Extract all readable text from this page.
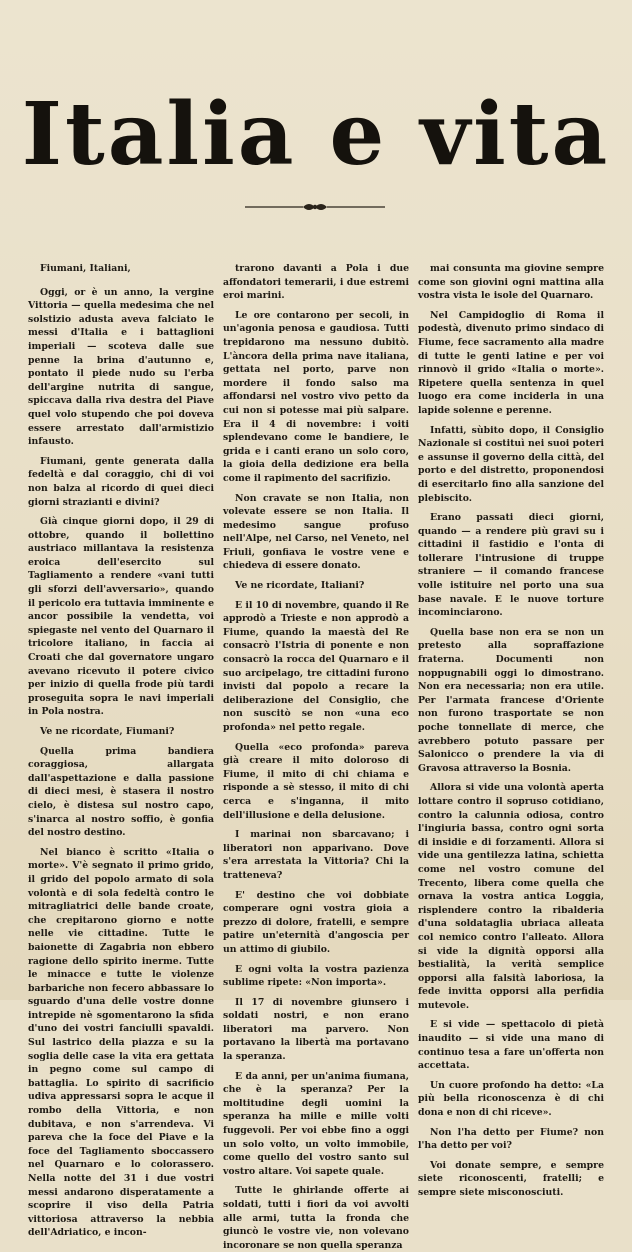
Italia e vita

Fiumani, Italiani,

Oggi, or è un anno, la vergine Vittoria — quella medesima che nel solstizio adusta aveva falciato le messi d'Italia e i battaglioni imperiali — scoteva dalle sue penne la brina d'autunno e, pontato il piede nudo su l'erba dell'argine nutrita di sangue, spiccava dalla riva destra del Piave quel volo stupendo che poi doveva essere arrestato dall'armistizio infausto.

Fiumani, gente generata dalla fedeltà e dal coraggio, chi di voi non balza al ricordo di quei dieci giorni strazianti e divini?

Già cinque giorni dopo, il 29 di ottobre, quando il bollettino austriaco millantava la resistenza eroica dell'esercito sul Tagliamento a rendere «vani tutti gli sforzi dell'avversario», quando il pericolo era tuttavia imminente e ancor possibile la vendetta, voi spiegaste nel vento del Quarnaro il tricolore italiano, in faccia ai Croati che dal governatore ungaro avevano ricevuto il potere civico per inizio di quella frode più tardi proseguita sopra le navi imperiali in Pola nostra.

Ve ne ricordate, Fiumani?

Quella prima bandiera coraggiosa, allargata dall'aspettazione e dalla passione di dieci mesi, è stasera il nostro cielo, è distesa sul nostro capo, s'inarca al nostro soffio, è gonfia del nostro destino.

Nel bianco è scritto «Italia o morte». V'è segnato il primo grido, il grido del popolo armato di sola volontà e di sola fedeltà contro le mitragliatrici delle bande croate, che crepitarono giorno e notte nelle vie cittadine. Tutte le baionette di Zagabria non ebbero ragione dello spirito inerme. Tutte le minacce e tutte le violenze barbariche non fecero abbassare lo sguardo d'una delle vostre donne intrepide nè sgomentarono la sfida d'uno dei vostri fanciulli spavaldi. Sul lastrico della piazza e su la soglia delle case la vita era gettata in pegno come sul campo di battaglia. Lo spirito di sacrificio udiva appressarsi sopra le acque il rombo della Vittoria, e non dubitava, e non s'arrendeva. Vi pareva che la foce del Piave e la foce del Tagliamento sboccassero nel Quarnaro e lo colorassero. Nella notte del 31 i due vostri messi andarono disperatamente a scoprire il viso della Patria vittoriosa attraverso la nebbia dell'Adriatico, e incon-

trarono davanti a Pola i due affondatori temerarii, i due estremi eroi marini.

Le ore contarono per secoli, in un'agonia penosa e gaudiosa. Tutti trepidarono ma nessuno dubitò. L'àncora della prima nave italiana, gettata nel porto, parve non mordere il fondo salso ma affondarsi nel vostro vivo petto da cui non si potesse mai più salpare. Era il 4 di novembre: i voiti splendevano come le bandiere, le grida e i canti erano un solo coro, la gioia della dedizione era bella come il rapimento del sacrifizio.

Non cravate se non Italia, non volevate essere se non Italia. Il medesimo sangue profuso nell'Alpe, nel Carso, nel Veneto, nel Friuli, gonfiava le vostre vene e chiedeva di essere donato.

Ve ne ricordate, Italiani?

E il 10 di novembre, quando il Re approdò a Trieste e non approdò a Fiume, quando la maestà del Re consacrò l'Istria di ponente e non consacrò la rocca del Quarnaro e il suo arcipelago, tre cittadini furono invisti dal popolo a recare la deliberazione del Consiglio, che non suscitò se non «una eco profonda» nel petto regale.

Quella «eco profonda» pareva già creare il mito doloroso di Fiume, il mito di chi chiama e risponde a sè stesso, il mito di chi cerca e s'inganna, il mito dell'illusione e della delusione.

I marinai non sbarcavano; i liberatori non apparivano. Dove s'era arrestata la Vittoria? Chi la tratteneva?

E' destino che voi dobbiate comperare ogni vostra gioia a prezzo di dolore, fratelli, e sempre patire un'eternità d'angoscia per un attimo di giubilo.

E ogni volta la vostra pazienza sublime ripete: «Non importa».

Il 17 di novembre giunsero i soldati nostri, e non erano liberatori ma parvero. Non portavano la libertà ma portavano la speranza.

E da anni, per un'anima fiumana, che è la speranza? Per la moltitudine degli uomini la speranza ha mille e mille volti fuggevoli. Per voi ebbe fino a oggi un solo volto, un volto immobile, come quello del vostro santo sul vostro altare. Voi sapete quale.

Tutte le ghirlande offerte ai soldati, tutti i fiori da voi avvolti alle armi, tutta la fronda che giuncò le vostre vie, non volevano incoronare se non quella speranza

mai consunta ma giovine sempre come son giovini ogni mattina alla vostra vista le isole del Quarnaro.

Nel Campidoglio di Roma il podestà, divenuto primo sindaco di Fiume, fece sacramento alla madre di tutte le genti latine e per voi rinnovò il grido «Italia o morte». Ripetere quella sentenza in quel luogo era come inciderla in una lapide solenne e perenne.

Infatti, sùbito dopo, il Consiglio Nazionale si costituì nei suoi poteri e assunse il governo della città, del porto e del distretto, proponendosi di esercitarlo fino alla sanzione del plebiscito.

Erano passati dieci giorni, quando — a rendere più gravi su i cittadini il fastidio e l'onta di tollerare l'intrusione di truppe straniere — il comando francese volle istituire nel porto una sua base navale. E le nuove torture incominciarono.

Quella base non era se non un pretesto alla sopraffazione fraterna. Documenti non noppugnabili oggi lo dimostrano. Non era necessaria; non era utile. Per l'armata francese d'Oriente non furono trasportate se non poche tonnellate di merce, che avrebbero potuto passare per Salonicco o prendere la via di Gravosa attraverso la Bosnia.

Allora si vide una volontà aperta lottare contro il sopruso cotidiano, contro la calunnia odiosa, contro l'ingiuria bassa, contro ogni sorta di insidie e di forzamenti. Allora si vide una gentilezza latina, schietta come nel vostro comune del Trecento, libera come quella che ornava la vostra antica Loggia, risplendere contro la ribalderia d'una soldataglia ubriaca alleata col nemico contro l'alleato. Allora si vide la dignità opporsi alla bestialità, la verità semplice opporsi alla falsità laboriosa, la fede invitta opporsi alla perfidia mutevole.

E si vide — spettacolo di pietà inaudito — si vide una mano di continuo tesa a fare un'offerta non accettata.

Un cuore profondo ha detto: «La più bella riconoscenza è di chi dona e non di chi riceve».

Non l'ha detto per Fiume? non l'ha detto per voi?

Voi donate sempre, e sempre siete riconoscenti, fratelli; e sempre siete misconosciuti.
